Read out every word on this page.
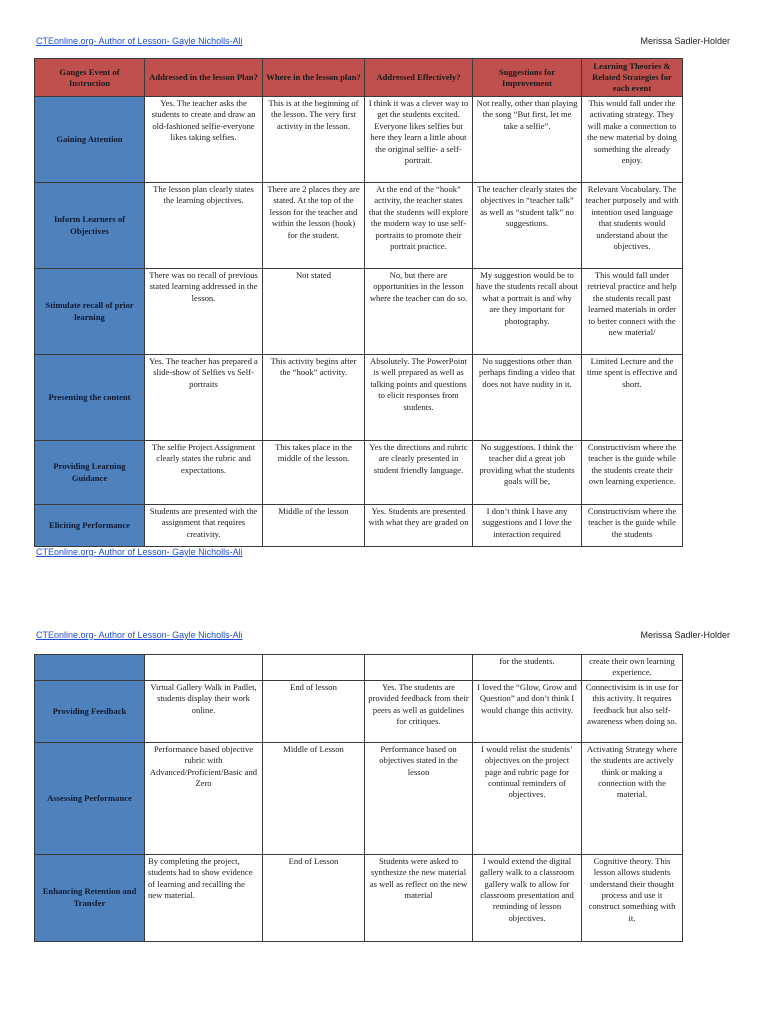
CTEonline.org- Author of Lesson- Gayle Nicholls-Ali	Merissa Sadler-Holder
Ganges Event of Instruction	Addressed in the lesson Plan?	Where in the lesson plan?	Addressed Effectively?	Suggestions for Improvement	Learning Theories & Related Strategies for each event
Gaining Attention	Yes. The teacher asks the students to create and draw an old-fashioned selfie-everyone likes taking selfies.	This is at the beginning of the lesson. The very first activity in the lesson.	I think it was a clever way to get the students excited. Everyone likes selfies but here they learn a little about the original selfie- a self-portrait.	Not really, other than playing the song “But first, let me take a selfie”.	This would fall under the activating strategy. They will make a connection to the new material by doing something the already enjoy.
Inform Learners of Objectives	The lesson plan clearly states the learning objectives.	There are 2 places they are stated. At the top of the lesson for the teacher and within the lesson (hook) for the student.	At the end of the “hook” activity, the teacher states that the students will explore the modern way to use self-portraits to promote their portrait practice.	The teacher clearly states the objectives in “teacher talk” as well as “student talk” no suggestions.	Relevant Vocabulary. The teacher purposely and with intention used language that students would understand about the objectives.
Stimulate recall of prior learning	There was no recall of previous stated learning addressed in the lesson.	Not stated	No, but there are opportunities in the lesson where the teacher can do so.	My suggestion would be to have the students recall about what a portrait is and why are they important for photography.	This would fall under retrieval practice and help the students recall past learned materials in order to better connect with the new material/
Presenting the content	Yes. The teacher has prepared a slide-show of Selfies vs Self-portraits	This activity begins after the “hook” activity.	Absolutely. The PowerPoint is well prepared as well as talking points and questions to elicit responses from students.	No suggestions other than perhaps finding a video that does not have nudity in it.	Limited Lecture and the time spent is effective and short.
Providing Learning Guidance	The selfie Project Assignment clearly states the rubric and expectations.	This takes place in the middle of the lesson.	Yes the directions and rubric are clearly presented in student friendly language.	No suggestions. I think the teacher did a great job providing what the students goals will be,	Constructivism where the teacher is the guide while the students create their own learning experience.
Eliciting Performance	Students are presented with the assignment that requires creativity.	Middle of the lesson	Yes. Students are presented with what they are graded on	I don’t think I have any suggestions and I love the interaction required	Constructivism where the teacher is the guide while the students
CTEonline.org- Author of Lesson- Gayle Nicholls-Ali
CTEonline.org- Author of Lesson- Gayle Nicholls-Ali	Merissa Sadler-Holder
				for the students.	create their own learning experience.
Providing Feedback	Virtual Gallery Walk in Padlet, students display their work online.	End of lesson	Yes. The students are provided feedback from their peers as well as guidelines for critiques.	I loved the “Glow, Grow and Question” and don’t think I would change this activity.	Connectivisim is in use for this activity. It requires feedback but also self-awareness when doing so.
Assessing Performance	Performance based objective rubric with Advanced/Proficient/Basic and Zero	Middle of Lesson	Performance based on objectives stated in the lesson	I would relist the students’ objectives on the project page and rubric page for continual reminders of objectives.	Activating Strategy where the students are actively think or making a connection with the material.
Enhancing Retention and Transfer	By completing the project, students had to show evidence of learning and recalling the new material.	End of Lesson	Students were asked to synthesize the new material as well as reflect on the new material	I would extend the digital gallery walk to a classroom gallery walk to allow for classroom presentation and reminding of lesson objectives.	Cognitive theory. This lesson allows students understand their thought process and use it construct something with it.
